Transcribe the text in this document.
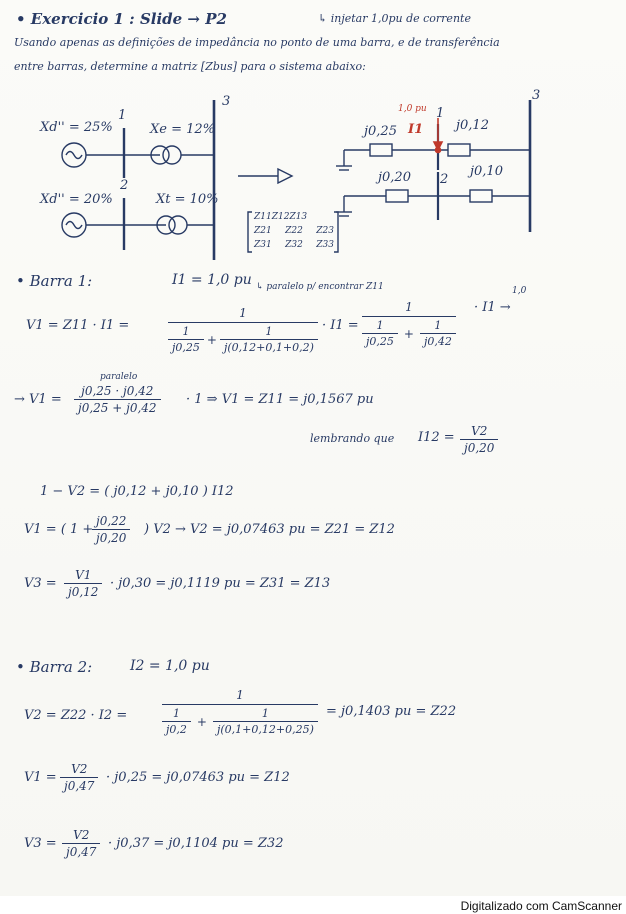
• Exercicio 1 : Slide → P2	↳ injetar 1,0pu de corrente
Usando apenas as definições de impedância no ponto de uma barra, e de transferência
entre barras, determine a matriz [Zbus] para o sistema abaixo:
Xd'' = 25%
1
Xe = 12%
Xd'' = 20%
2
Xt = 10%
3	1,0 pu
I1
j0,25	j0,12
j0,20	j0,10
1
2
3
Z11 Z12 Z13
Z21 Z22 Z23
Z31 Z32 Z33
• Barra 1:	I1 = 1,0 pu ↳ paralelo p/ encontrar Z11
V1 = Z11 · I1 =
1
$\frac{1}{j0,25} + \frac{1}{j(0,12+0,1+0,2)} \cdot I1$ =
1
$\frac{1}{j0,25} + \frac{1}{j0,42}$
1,0
· I1 →
paralelo
→ $V1 = \frac{j0,25 \cdot j0,42}{j0,25 + j0,42} \cdot 1$ ⇒ V1 = Z11 = j0,1567 pu
lembrando que $I12 = \frac{V2}{j0,20}$
1 − V2 = ( j0,12 + j0,10 ) I12
V1 = ( 1 +
$\frac{j0,22}{j0,20}$ ) V2 → V2 = j0,07463 pu = Z21 = Z12
$V3 = \frac{V1}{j0,12} \cdot j0,30 = j0,1119$ pu = Z31 = Z13
• Barra 2:	I2 = 1,0 pu
V2 = Z22 · I2 =
1
$\frac{1}{j0,2} + \frac{1}{j(0,1+0,12+0,25)} = j0,1403$ pu = Z22
$V1 = \frac{V2}{j0,47} \cdot j0,25 = j0,07463$ pu = Z12
$V3 = \frac{V2}{j0,47} \cdot j0,37 = j0,1104$ pu = Z32
Digitalizado com CamScanner
